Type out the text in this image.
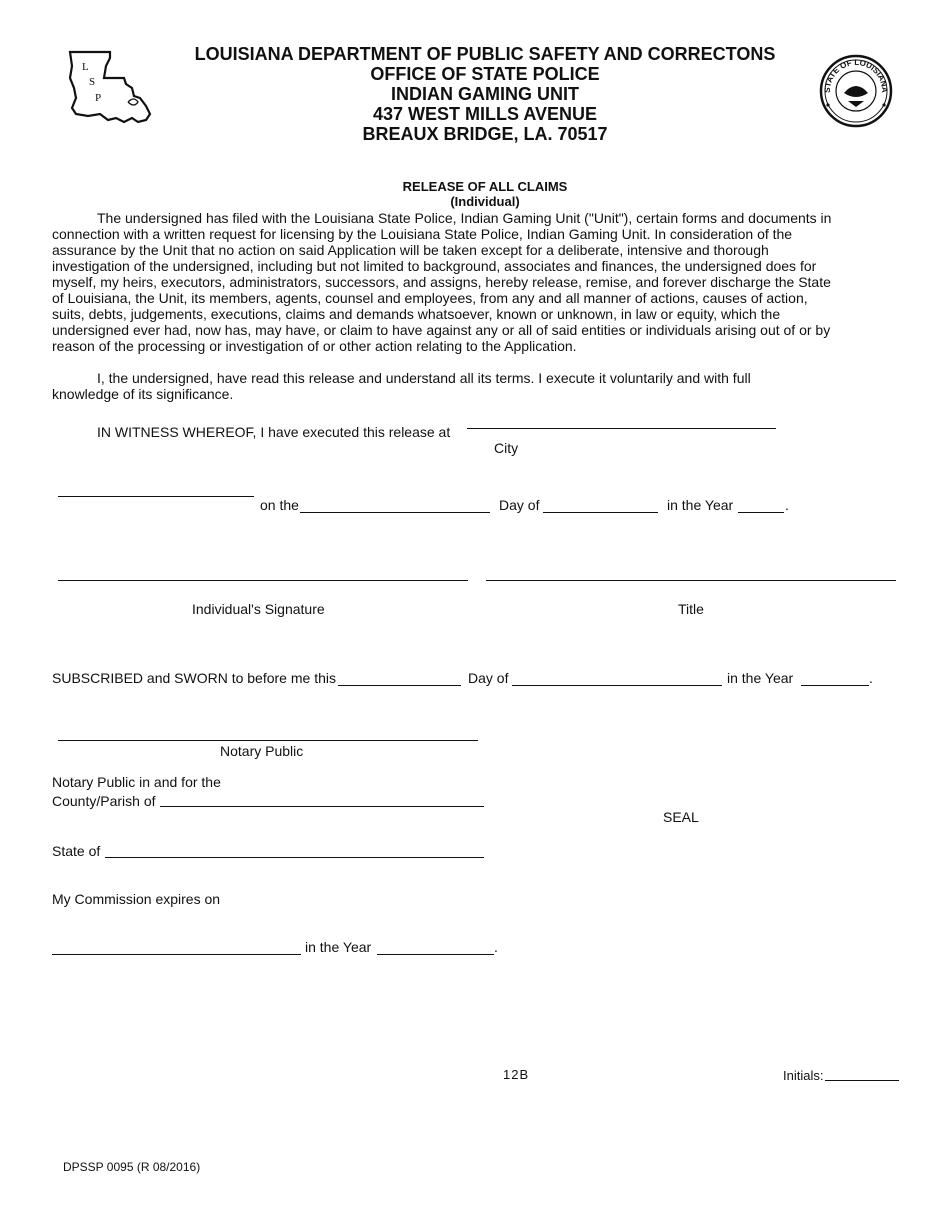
L
S
P
STATE OF LOUISIANA
LOUISIANA DEPARTMENT OF PUBLIC SAFETY AND CORRECTONS
OFFICE OF STATE POLICE
INDIAN GAMING UNIT
437 WEST MILLS AVENUE
BREAUX BRIDGE, LA. 70517
RELEASE OF ALL CLAIMS
(Individual)
The undersigned has filed with the Louisiana State Police, Indian Gaming Unit ("Unit"), certain forms and documents in connection with a written request for licensing by the Louisiana State Police, Indian Gaming Unit. In consideration of the assurance by the Unit that no action on said Application will be taken except for a deliberate, intensive and thorough investigation of the undersigned, including but not limited to background, associates and finances, the undersigned does for myself, my heirs, executors, administrators, successors, and assigns, hereby release, remise, and forever discharge the State of Louisiana, the Unit, its members, agents, counsel and employees, from any and all manner of actions, causes of action, suits, debts, judgements, executions, claims and demands whatsoever, known or unknown, in law or equity, which the undersigned ever had, now has, may have, or claim to have against any or all of said entities or individuals arising out of or by reason of the processing or investigation of or other action relating to the Application.
I, the undersigned, have read this release and understand all its terms. I execute it voluntarily and with full knowledge of its significance.
IN WITNESS WHEREOF, I have executed this release at
City
on the	Day of	in the Year	.
Individual's Signature	Title
SUBSCRIBED and SWORN to before me this	Day of	in the Year	.
Notary Public
Notary Public in and for the
County/Parish of
SEAL
State of
My Commission expires on
in the Year	.
12B	Initials:
DPSSP 0095 (R 08/2016)
